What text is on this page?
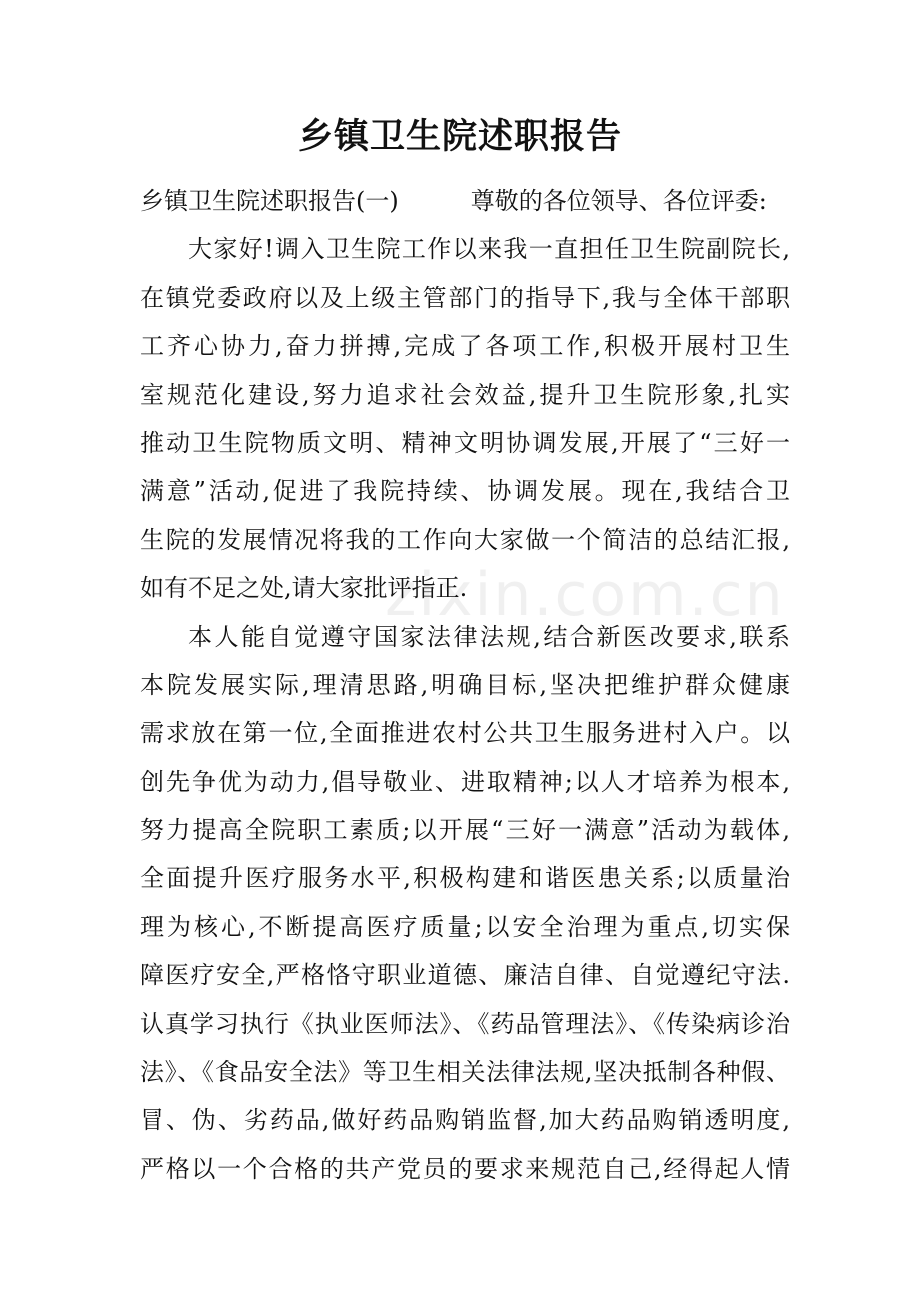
zixin.com.cn
乡镇卫生院述职报告
乡镇卫生院述职报告(一)　　　尊敬的各位领导、各位评委:
大家好!调入卫生院工作以来我一直担任卫生院副院长,
在镇党委政府以及上级主管部门的指导下,我与全体干部职
工齐心协力,奋力拼搏,完成了各项工作,积极开展村卫生
室规范化建设,努力追求社会效益,提升卫生院形象,扎实
推动卫生院物质文明、精神文明协调发展,开展了“三好一
满意”活动,促进了我院持续、协调发展。现在,我结合卫
生院的发展情况将我的工作向大家做一个简洁的总结汇报,
如有不足之处,请大家批评指正.
本人能自觉遵守国家法律法规,结合新医改要求,联系
本院发展实际,理清思路,明确目标,坚决把维护群众健康
需求放在第一位,全面推进农村公共卫生服务进村入户。以
创先争优为动力,倡导敬业、进取精神;以人才培养为根本,
努力提高全院职工素质;以开展“三好一满意”活动为载体,
全面提升医疗服务水平,积极构建和谐医患关系;以质量治
理为核心,不断提高医疗质量;以安全治理为重点,切实保
障医疗安全,严格恪守职业道德、廉洁自律、自觉遵纪守法.
认真学习执行《执业医师法》、《药品管理法》、《传染病诊治
法》、《食品安全法》等卫生相关法律法规,坚决抵制各种假、
冒、伪、劣药品,做好药品购销监督,加大药品购销透明度,
严格以一个合格的共产党员的要求来规范自己,经得起人情
